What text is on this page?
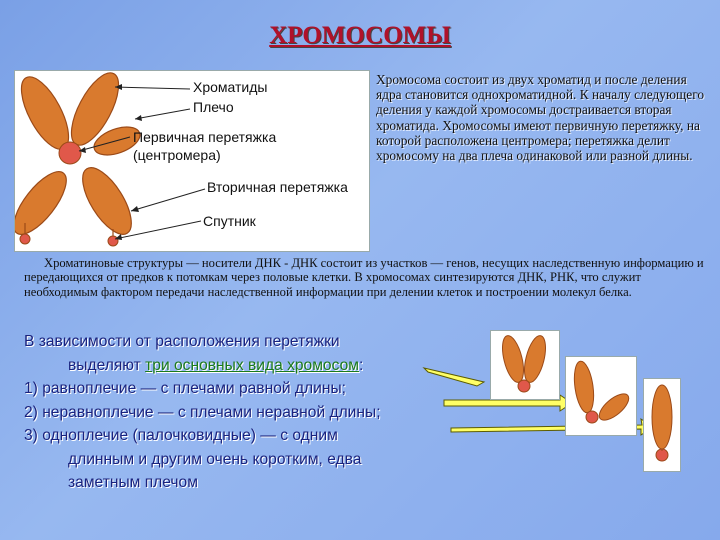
ХРОМОСОМЫ
Хроматиды
Плечо
Первичная перетяжка
(центромера)
Вторичная перетяжка
Спутник
Хромосома состоит из двух хроматид и после деления ядра становится однохроматидной. К началу следующего деления у каждой хромосомы достраивается вторая хроматида. Хромосомы имеют первичную перетяжку, на которой расположена центромера; перетяжка делит хромосому на два плеча одинаковой или разной длины.
Хроматиновые структуры — носители ДНК - ДНК состоит из участков — генов, несущих наследственную информацию и передающихся от предков к потомкам через половые клетки. В хромосомах синтезируются ДНК, РНК, что служит необходимым фактором передачи наследственной информации при делении клеток и построении молекул белка.
В зависимости от расположения перетяжки
выделяют три основных вида хромосом:
1) равноплечие — с плечами равной длины;
2) неравноплечие — с плечами неравной длины;
3) одноплечие (палочковидные) — с одним
длинным и другим очень коротким, едва
заметным плечом
